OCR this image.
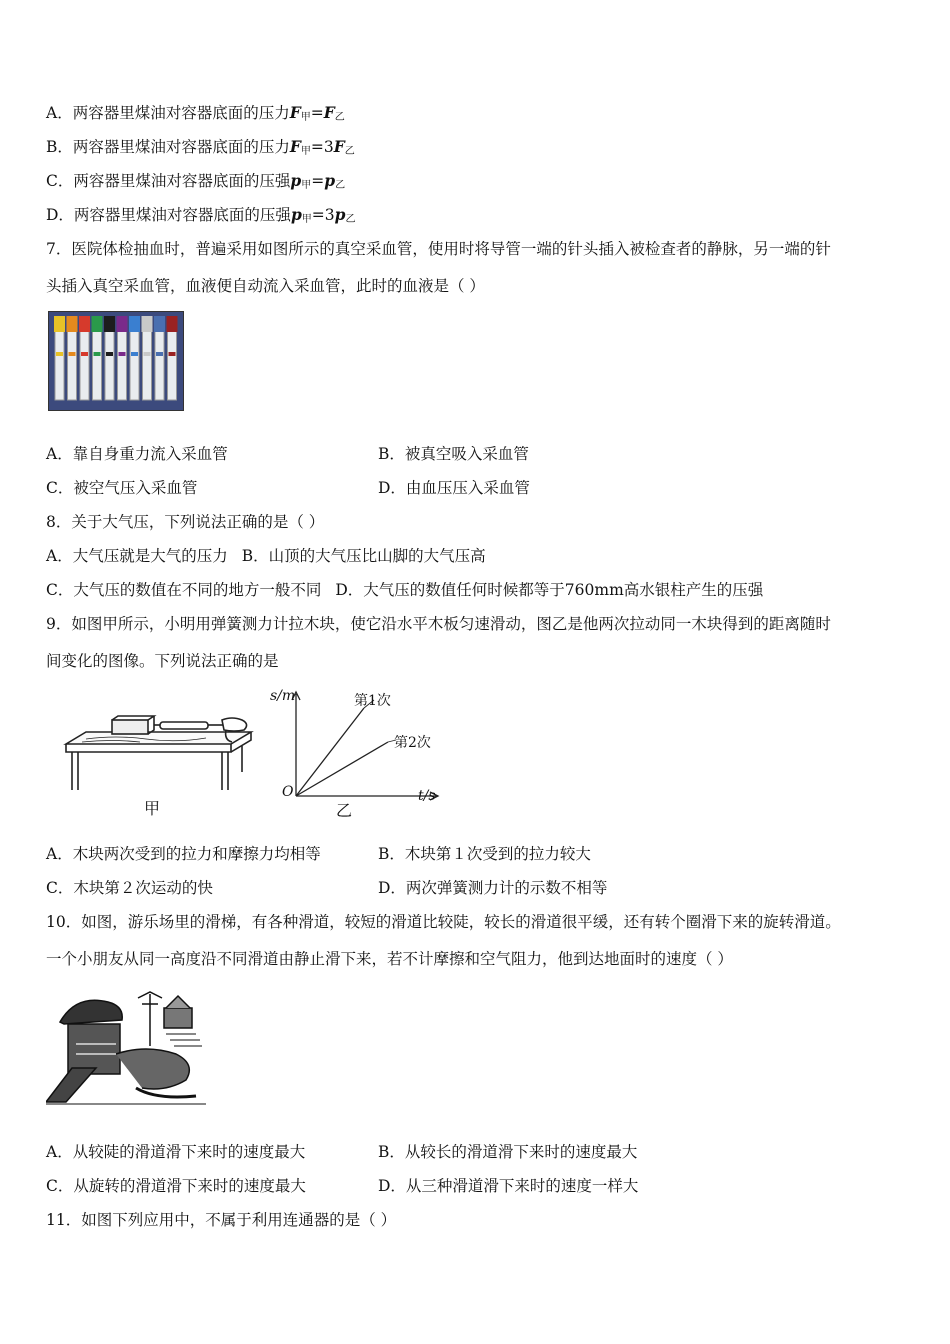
A．两容器里煤油对容器底面的压力$F_甲=F_乙$
B．两容器里煤油对容器底面的压力$F_甲=3F_乙$
C．两容器里煤油对容器底面的压强$p_甲=p_乙$
D．两容器里煤油对容器底面的压强$p_甲=3p_乙$
7．医院体检抽血时，普遍采用如图所示的真空采血管，使用时将导管一端的针头插入被检查者的静脉，另一端的针
头插入真空采血管，血液便自动流入采血管，此时的血液是（ ）
A．靠自身重力流入采血管	B．被真空吸入采血管
C．被空气压入采血管	D．由血压压入采血管
8．关于大气压，下列说法正确的是（ ）
A．大气压就是大气的压力 B．山顶的大气压比山脚的大气压高
C．大气压的数值在不同的地方一般不同 D．大气压的数值任何时候都等于760mm高水银柱产生的压强
9．如图甲所示，小明用弹簧测力计拉木块，使它沿水平木板匀速滑动，图乙是他两次拉动同一木块得到的距离随时
间变化的图像。下列说法正确的是
甲
s/m
t/s
O
第1次
第2次
乙
A．木块两次受到的拉力和摩擦力均相等	B．木块第１次受到的拉力较大
C．木块第２次运动的快	D．两次弹簧测力计的示数不相等
10．如图，游乐场里的滑梯，有各种滑道，较短的滑道比较陡，较长的滑道很平缓，还有转个圈滑下来的旋转滑道。
一个小朋友从同一高度沿不同滑道由静止滑下来，若不计摩擦和空气阻力，他到达地面时的速度（ ）
A．从较陡的滑道滑下来时的速度最大	B．从较长的滑道滑下来时的速度最大
C．从旋转的滑道滑下来时的速度最大	D．从三种滑道滑下来时的速度一样大
11．如图下列应用中，不属于利用连通器的是（ ）
